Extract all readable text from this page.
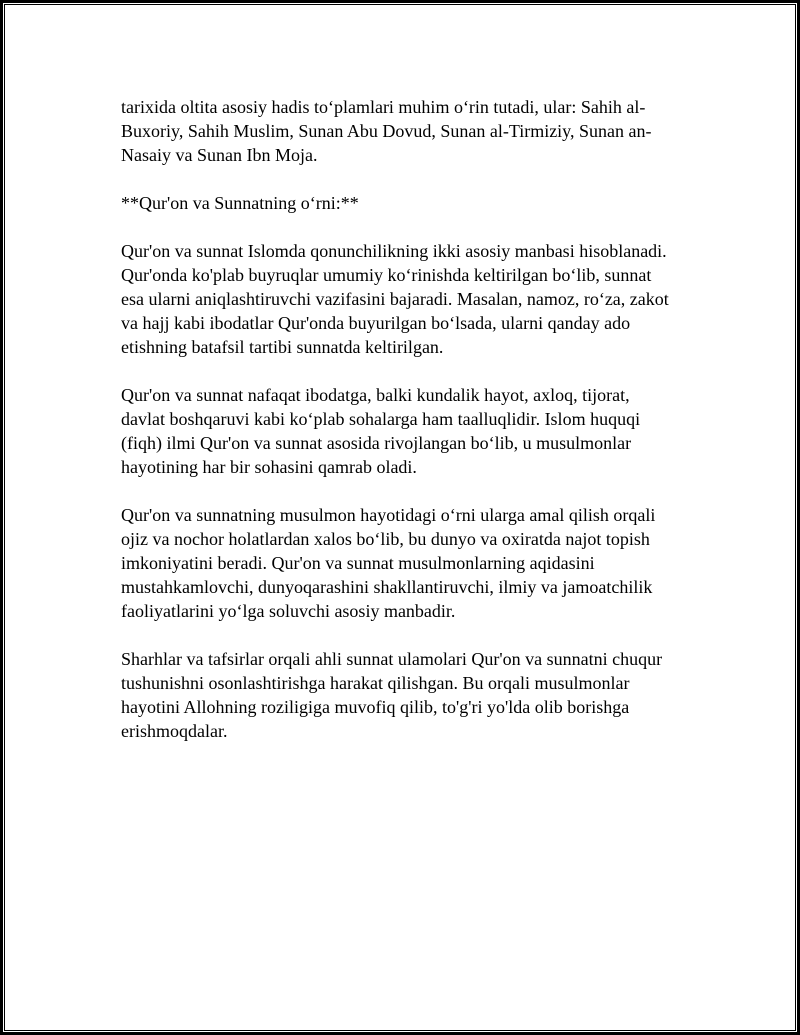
tarixida oltita asosiy hadis to‘plamlari muhim o‘rin tutadi, ular: Sahih al-
Buxoriy, Sahih Muslim, Sunan Abu Dovud, Sunan al-Tirmiziy, Sunan an-
Nasaiy va Sunan Ibn Moja.

**Qur'on va Sunnatning o‘rni:**

Qur'on va sunnat Islomda qonunchilikning ikki asosiy manbasi hisoblanadi.
Qur'onda ko'plab buyruqlar umumiy ko‘rinishda keltirilgan bo‘lib, sunnat
esa ularni aniqlashtiruvchi vazifasini bajaradi. Masalan, namoz, ro‘za, zakot
va hajj kabi ibodatlar Qur'onda buyurilgan bo‘lsada, ularni qanday ado
etishning batafsil tartibi sunnatda keltirilgan.

Qur'on va sunnat nafaqat ibodatga, balki kundalik hayot, axloq, tijorat,
davlat boshqaruvi kabi ko‘plab sohalarga ham taalluqlidir. Islom huquqi
(fiqh) ilmi Qur'on va sunnat asosida rivojlangan bo‘lib, u musulmonlar
hayotining har bir sohasini qamrab oladi.

Qur'on va sunnatning musulmon hayotidagi o‘rni ularga amal qilish orqali
ojiz va nochor holatlardan xalos bo‘lib, bu dunyo va oxiratda najot topish
imkoniyatini beradi. Qur'on va sunnat musulmonlarning aqidasini
mustahkamlovchi, dunyoqarashini shakllantiruvchi, ilmiy va jamoatchilik
faoliyatlarini yo‘lga soluvchi asosiy manbadir.

Sharhlar va tafsirlar orqali ahli sunnat ulamolari Qur'on va sunnatni chuqur
tushunishni osonlashtirishga harakat qilishgan. Bu orqali musulmonlar
hayotini Allohning roziligiga muvofiq qilib, to'g'ri yo'lda olib borishga
erishmoqdalar.
